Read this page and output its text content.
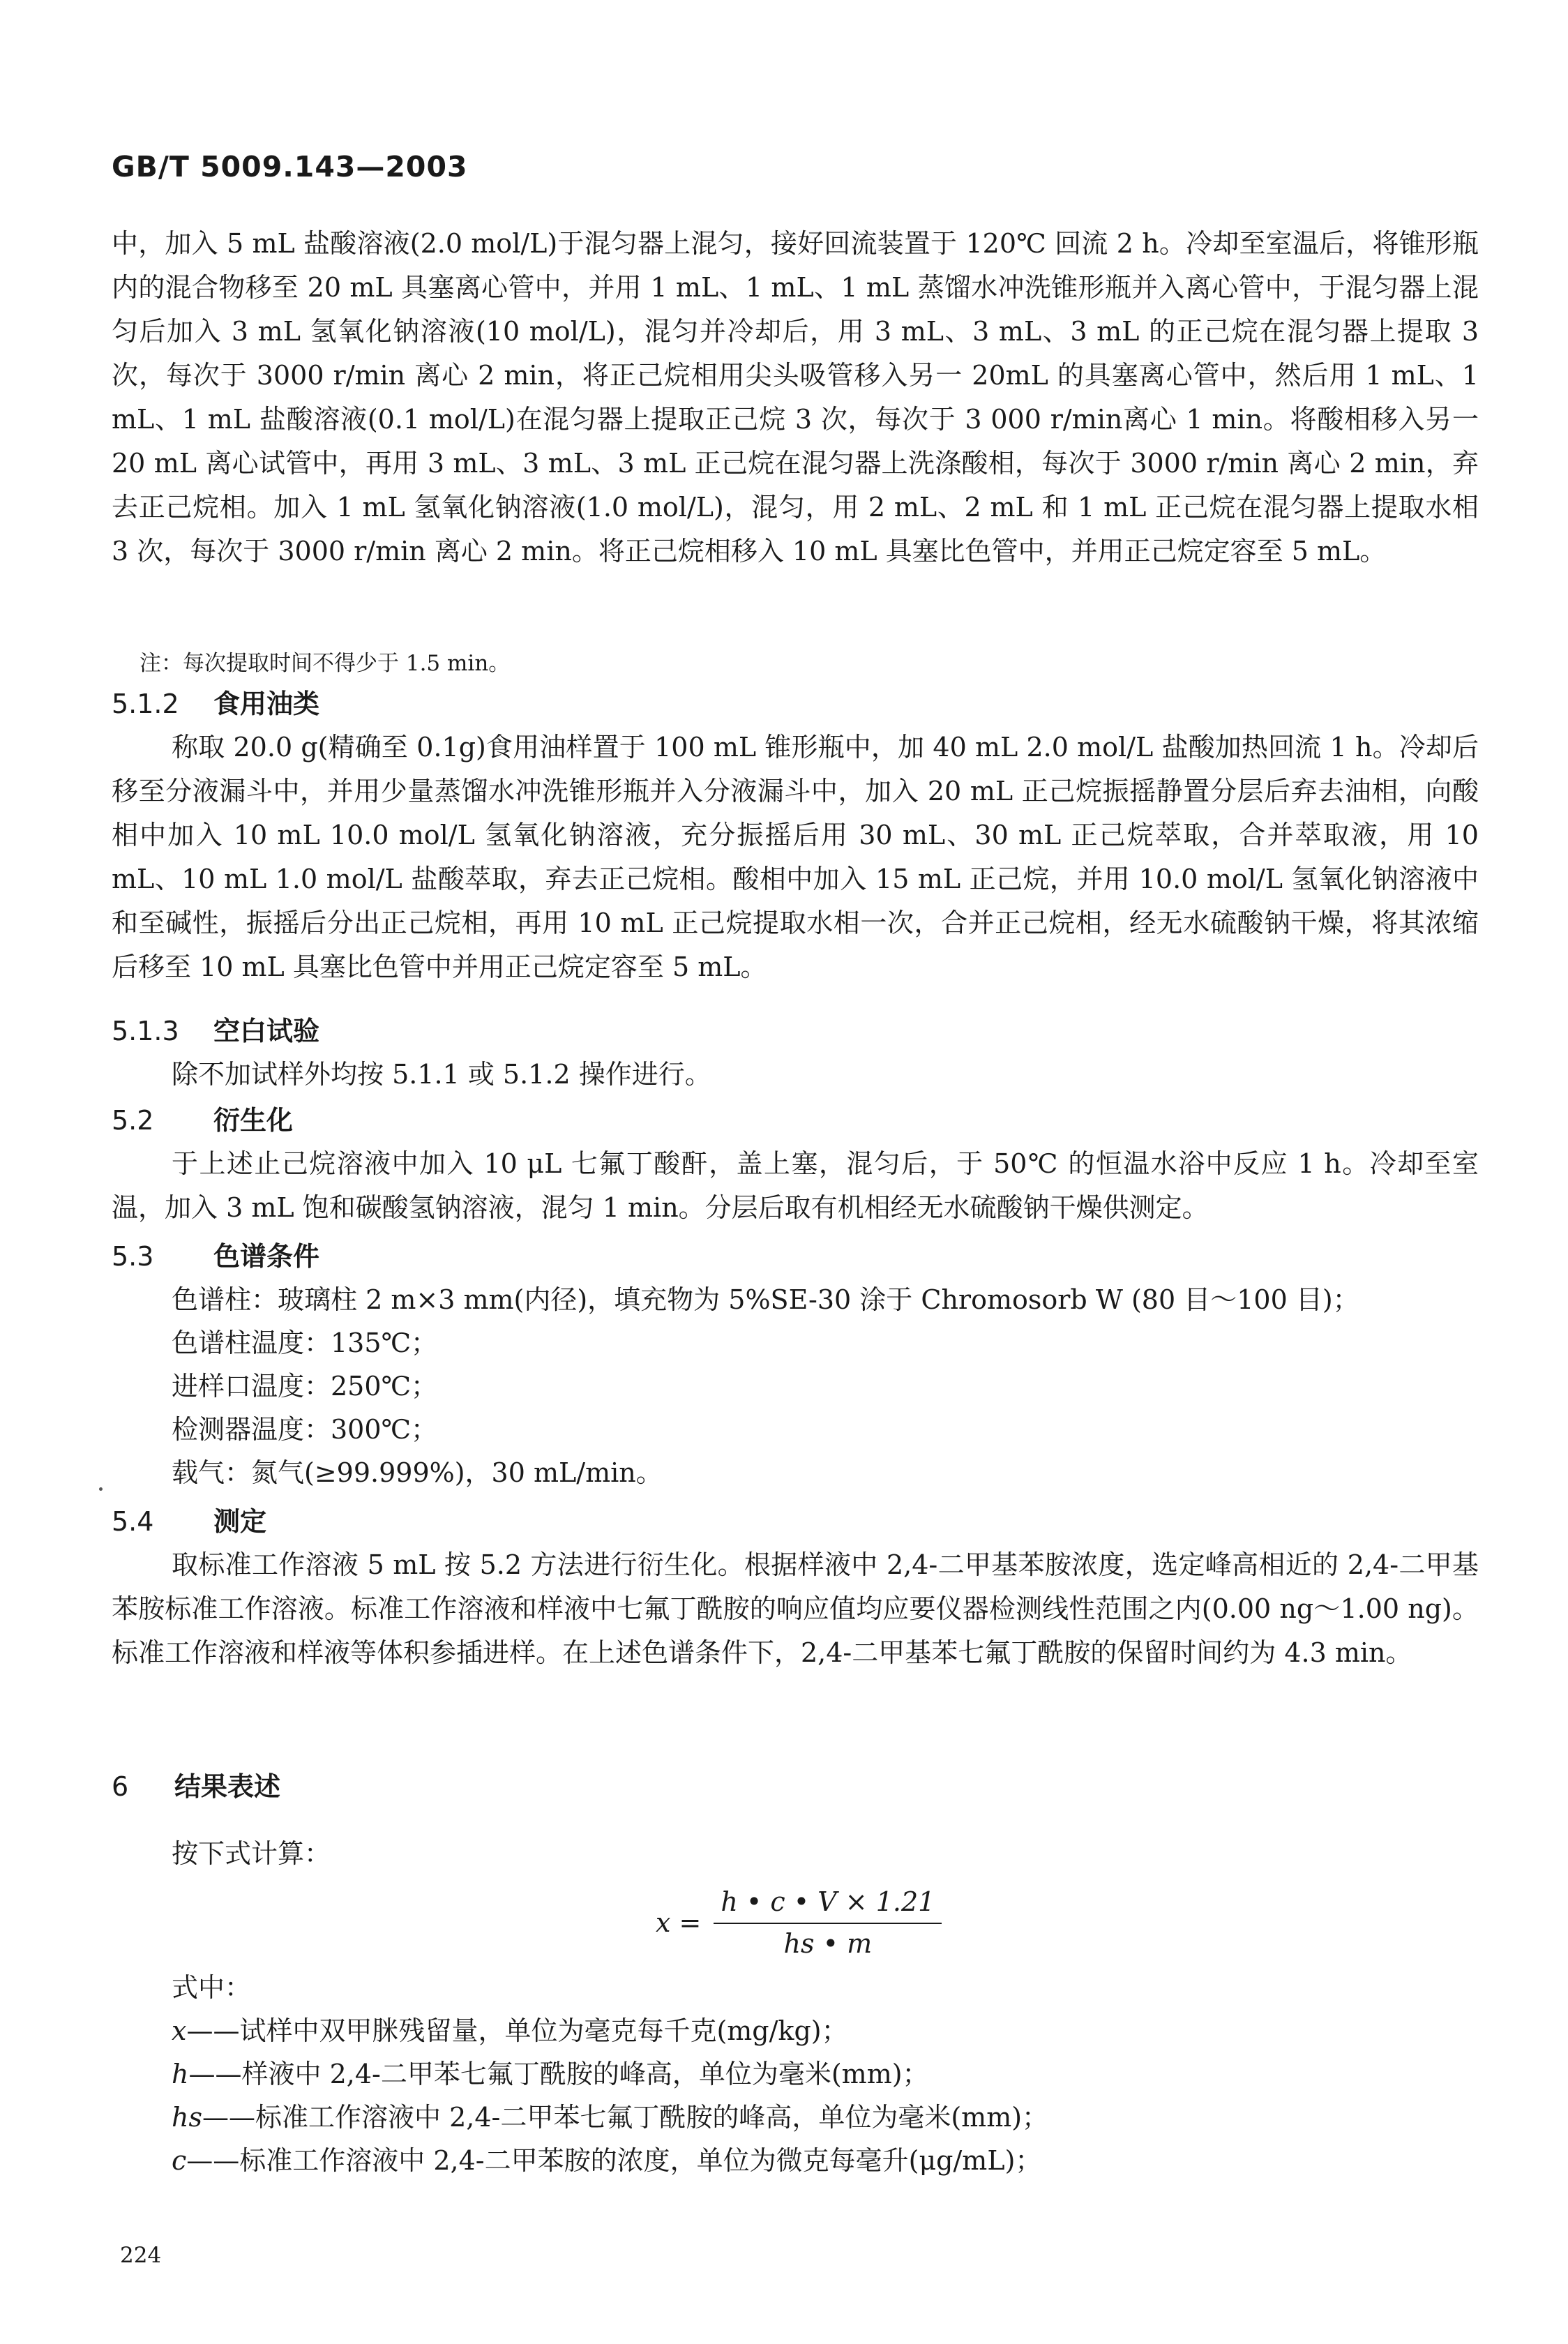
GB/T 5009.143—2003
中，加入 5 mL 盐酸溶液(2.0 mol/L)于混匀器上混匀，接好回流装置于 120℃ 回流 2 h。冷却至室温后，将锥形瓶内的混合物移至 20 mL 具塞离心管中，并用 1 mL、1 mL、1 mL 蒸馏水冲洗锥形瓶并入离心管中，于混匀器上混匀后加入 3 mL 氢氧化钠溶液(10 mol/L)，混匀并冷却后，用 3 mL、3 mL、3 mL 的正己烷在混匀器上提取 3 次，每次于 3000 r/min 离心 2 min，将正己烷相用尖头吸管移入另一 20mL 的具塞离心管中，然后用 1 mL、1 mL、1 mL 盐酸溶液(0.1 mol/L)在混匀器上提取正己烷 3 次，每次于 3 000 r/min离心 1 min。将酸相移入另一 20 mL 离心试管中，再用 3 mL、3 mL、3 mL 正己烷在混匀器上洗涤酸相，每次于 3000 r/min 离心 2 min，弃去正己烷相。加入 1 mL 氢氧化钠溶液(1.0 mol/L)，混匀，用 2 mL、2 mL 和 1 mL 正己烷在混匀器上提取水相 3 次，每次于 3000 r/min 离心 2 min。将正己烷相移入 10 mL 具塞比色管中，并用正己烷定容至 5 mL。
注：每次提取时间不得少于 1.5 min。
5.1.2 食用油类
称取 20.0 g(精确至 0.1g)食用油样置于 100 mL 锥形瓶中，加 40 mL 2.0 mol/L 盐酸加热回流 1 h。冷却后移至分液漏斗中，并用少量蒸馏水冲洗锥形瓶并入分液漏斗中，加入 20 mL 正己烷振摇静置分层后弃去油相，向酸相中加入 10 mL 10.0 mol/L 氢氧化钠溶液，充分振摇后用 30 mL、30 mL 正己烷萃取，合并萃取液，用 10 mL、10 mL 1.0 mol/L 盐酸萃取，弃去正己烷相。酸相中加入 15 mL 正己烷，并用 10.0 mol/L 氢氧化钠溶液中和至碱性，振摇后分出正己烷相，再用 10 mL 正己烷提取水相一次，合并正己烷相，经无水硫酸钠干燥，将其浓缩后移至 10 mL 具塞比色管中并用正己烷定容至 5 mL。
5.1.3 空白试验
除不加试样外均按 5.1.1 或 5.1.2 操作进行。
5.2 衍生化
于上述止己烷溶液中加入 10 μL 七氟丁酸酐，盖上塞，混匀后，于 50℃ 的恒温水浴中反应 1 h。冷却至室温，加入 3 mL 饱和碳酸氢钠溶液，混匀 1 min。分层后取有机相经无水硫酸钠干燥供测定。
5.3 色谱条件
色谱柱：玻璃柱 2 m×3 mm(内径)，填充物为 5%SE-30 涂于 Chromosorb W (80 目～100 目)；
色谱柱温度：135℃；
进样口温度：250℃；
检测器温度：300℃；
载气：氮气(≥99.999%)，30 mL/min。
5.4 测定
取标准工作溶液 5 mL 按 5.2 方法进行衍生化。根据样液中 2,4-二甲基苯胺浓度，选定峰高相近的 2,4-二甲基苯胺标准工作溶液。标准工作溶液和样液中七氟丁酰胺的响应值均应要仪器检测线性范围之内(0.00 ng～1.00 ng)。标准工作溶液和样液等体积参插进样。在上述色谱条件下，2,4-二甲基苯七氟丁酰胺的保留时间约为 4.3 min。
6 结果表述
按下式计算：
$x = \frac{h • c • V \times 1.21}{hs • m}$
式中：
x——试样中双甲脒残留量，单位为毫克每千克(mg/kg)；
h——样液中 2,4-二甲苯七氟丁酰胺的峰高，单位为毫米(mm)；
hs——标准工作溶液中 2,4-二甲苯七氟丁酰胺的峰高，单位为毫米(mm)；
c——标准工作溶液中 2,4-二甲苯胺的浓度，单位为微克每毫升(μg/mL)；
224
